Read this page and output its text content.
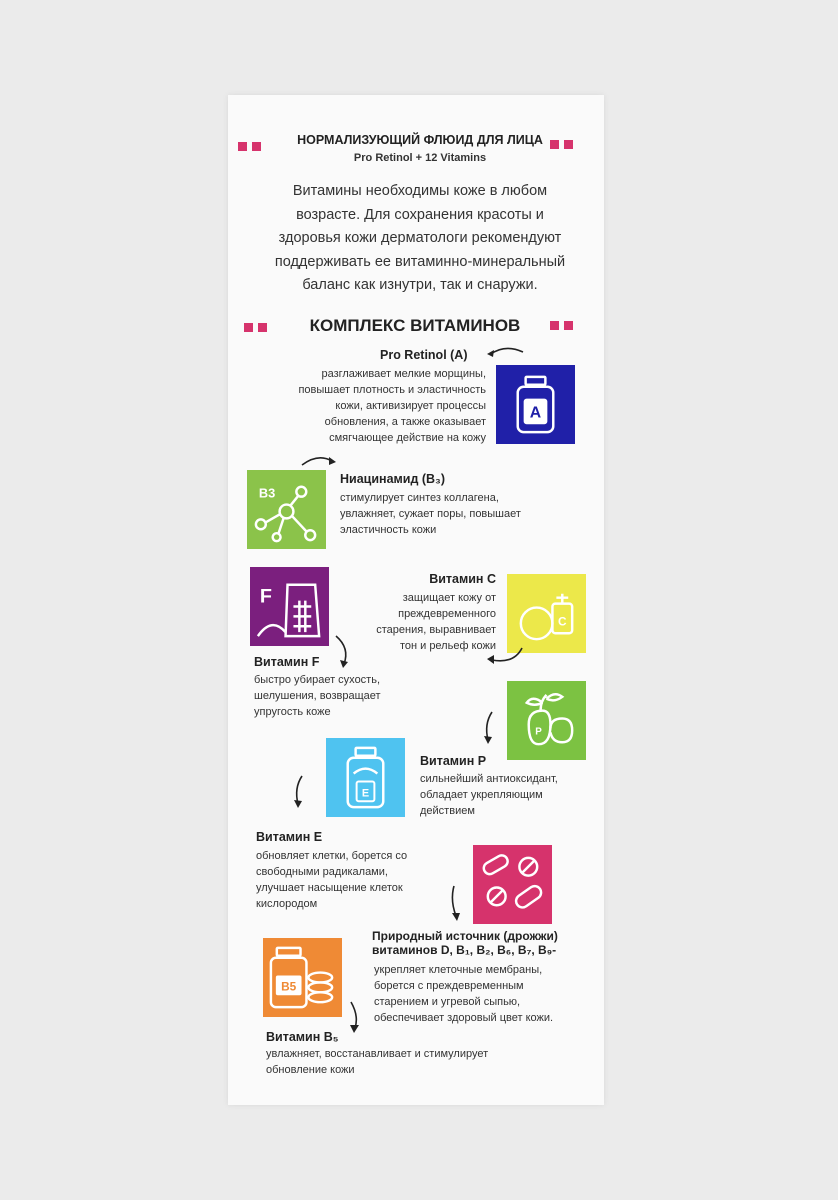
НОРМАЛИЗУЮЩИЙ ФЛЮИД ДЛЯ ЛИЦА
Pro Retinol + 12 Vitamins
Витамины необходимы коже в любом
возрасте. Для сохранения красоты и
здоровья кожи дерматологи рекомендуют
поддерживать ее витаминно-минеральный
баланс как изнутри, так и снаружи.
КОМПЛЕКС ВИТАМИНОВ
Pro Retinol (A)
разглаживает мелкие морщины,
повышает плотность и эластичность
кожи, активизирует процессы
обновления, а также оказывает
смягчающее действие на кожу
A
B3
Ниацинамид (B₃)
стимулирует синтез коллагена,
увлажняет, сужает поры, повышает
эластичность кожи
F
Витамин F
быстро убирает сухость,
шелушения, возвращает
упругость коже
Витамин C
защищает кожу от
преждевременного
старения, выравнивает
тон и рельеф кожи
C
P
Витамин P
сильнейший антиоксидант,
обладает укрепляющим
действием
E
Витамин E
обновляет клетки, борется со
свободными радикалами,
улучшает насыщение клеток
кислородом
Природный источник (дрожжи)
витаминов D, B₁, B₂, B₆, B₇, B₉-
укрепляет клеточные мембраны,
борется с преждевременным
старением и угревой сыпью,
обеспечивает здоровый цвет кожи.
B5
Витамин B₅
увлажняет, восстанавливает и стимулирует
обновление кожи
